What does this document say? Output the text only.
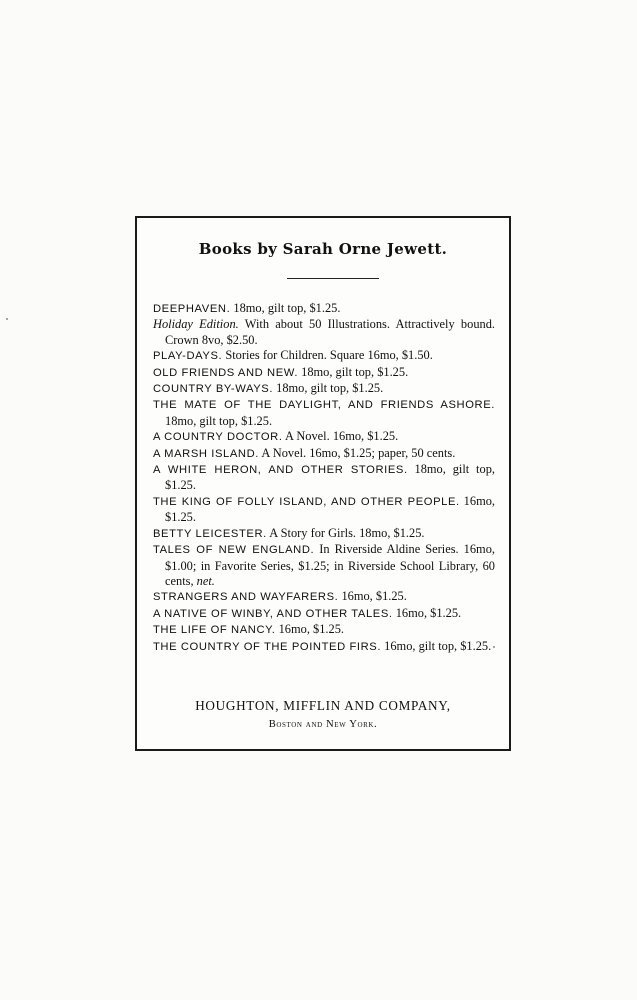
Books by Sarah Orne Jewett.
DEEPHAVEN. 18mo, gilt top, $1.25.
Holiday Edition. With about 50 Illustrations. Attractively bound. Crown 8vo, $2.50.
PLAY-DAYS. Stories for Children. Square 16mo, $1.50.
OLD FRIENDS AND NEW. 18mo, gilt top, $1.25.
COUNTRY BY-WAYS. 18mo, gilt top, $1.25.
THE MATE OF THE DAYLIGHT, AND FRIENDS ASHORE. 18mo, gilt top, $1.25.
A COUNTRY DOCTOR. A Novel. 16mo, $1.25.
A MARSH ISLAND. A Novel. 16mo, $1.25; paper, 50 cents.
A WHITE HERON, AND OTHER STORIES. 18mo, gilt top, $1.25.
THE KING OF FOLLY ISLAND, AND OTHER PEOPLE. 16mo, $1.25.
BETTY LEICESTER. A Story for Girls. 18mo, $1.25.
TALES OF NEW ENGLAND. In Riverside Aldine Series. 16mo, $1.00; in Favorite Series, $1.25; in Riverside School Library, 60 cents, net.
STRANGERS AND WAYFARERS. 16mo, $1.25.
A NATIVE OF WINBY, AND OTHER TALES. 16mo, $1.25.
THE LIFE OF NANCY. 16mo, $1.25.
THE COUNTRY OF THE POINTED FIRS. 16mo, gilt top, $1.25.
HOUGHTON, MIFFLIN AND COMPANY,
Boston and New York.
